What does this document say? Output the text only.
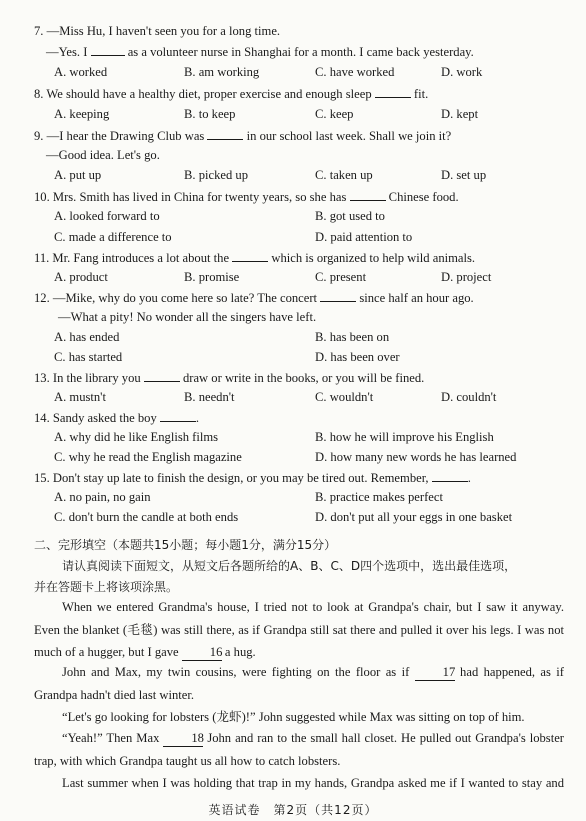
7. —Miss Hu, I haven't seen you for a long time.
—Yes. I	as a volunteer nurse in Shanghai for a month. I came back yesterday.
A. worked	B. am working	C. have worked	D. work
8. We should have a healthy diet, proper exercise and enough sleep	fit.
A. keeping	B. to keep	C. keep	D. kept
9. —I hear the Drawing Club was	in our school last week. Shall we join it?
—Good idea. Let's go.
A. put up	B. picked up	C. taken up	D. set up
10. Mrs. Smith has lived in China for twenty years, so she has	Chinese food.
A. looked forward to	B. got used to
C. made a difference to	D. paid attention to
11. Mr. Fang introduces a lot about the	which is organized to help wild animals.
A. product	B. promise	C. present	D. project
12. —Mike, why do you come here so late? The concert	since half an hour ago.
—What a pity! No wonder all the singers have left.
A. has ended	B. has been on
C. has started	D. has been over
13. In the library you	draw or write in the books, or you will be fined.
A. mustn't	B. needn't	C. wouldn't	D. couldn't
14. Sandy asked the boy	.
A. why did he like English films	B. how he will improve his English
C. why he read the English magazine	D. how many new words he has learned
15. Don't stay up late to finish the design, or you may be tired out. Remember,	.
A. no pain, no gain	B. practice makes perfect
C. don't burn the candle at both ends	D. don't put all your eggs in one basket
二、完形填空（本题共15小题；每小题1分，满分15分）
请认真阅读下面短文，从短文后各题所给的A、B、C、D四个选项中，选出最佳选项，
并在答题卡上将该项涂黑。
When we entered Grandma's house, I tried not to look at Grandpa's chair, but I saw it anyway. Even the blanket (毛毯) was still there, as if Grandpa still sat there and pulled it over his legs. I was not much of a hugger, but I gave 16 a hug.
John and Max, my twin cousins, were fighting on the floor as if 17 had happened, as if Grandpa hadn't died last winter.
“Let's go looking for lobsters (龙虾)!” John suggested while Max was sitting on top of him.
“Yeah!” Then Max 18 John and ran to the small hall closet. He pulled out Grandpa's lobster trap, with which Grandpa taught us all how to catch lobsters.
Last summer when I was holding that trap in my hands, Grandpa asked me if I wanted to stay and
英语试卷　第2页（共12页）
